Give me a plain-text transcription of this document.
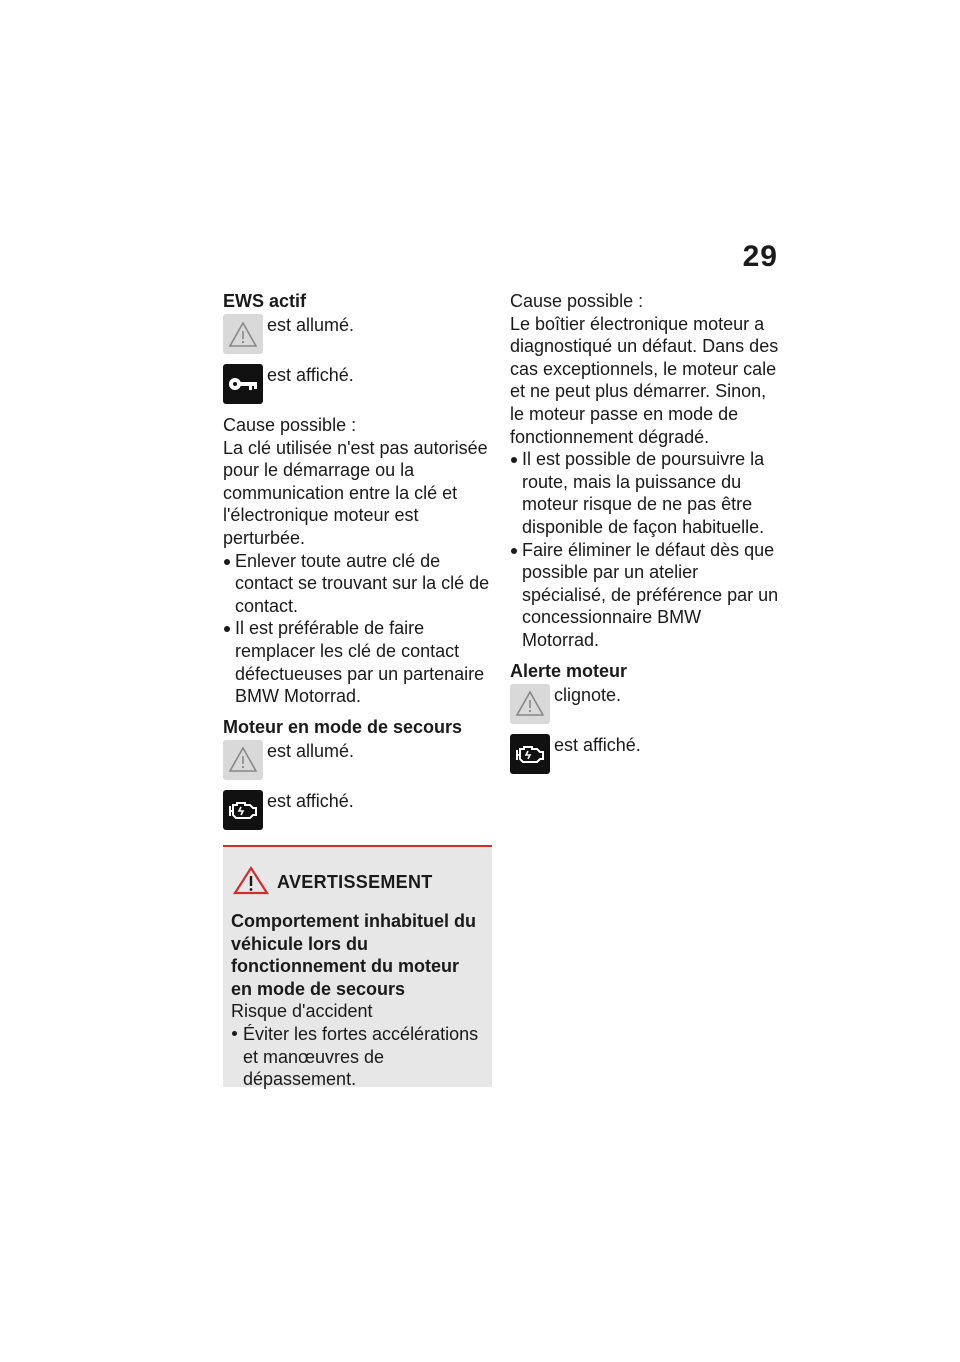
29
EWS actif
est allumé.
est affiché.
Cause possible :
La clé utilisée n'est pas autorisée pour le démarrage ou la communication entre la clé et l'électronique moteur est perturbée.
Enlever toute autre clé de contact se trouvant sur la clé de contact.
Il est préférable de faire remplacer les clé de contact défectueuses par un partenaire BMW Motorrad.
Moteur en mode de secours
est allumé.
est affiché.
AVERTISSEMENT
Comportement inhabituel du véhicule lors du fonctionnement du moteur en mode de secours
Risque d'accident
Éviter les fortes accélérations et manœuvres de dépassement.
Cause possible :
Le boîtier électronique moteur a diagnostiqué un défaut. Dans des cas exceptionnels, le moteur cale et ne peut plus démarrer. Sinon, le moteur passe en mode de fonctionnement dégradé.
Il est possible de poursuivre la route, mais la puissance du moteur risque de ne pas être disponible de façon habituelle.
Faire éliminer le défaut dès que possible par un atelier spécialisé, de préférence par un concessionnaire BMW Motorrad.
Alerte moteur
clignote.
est affiché.
